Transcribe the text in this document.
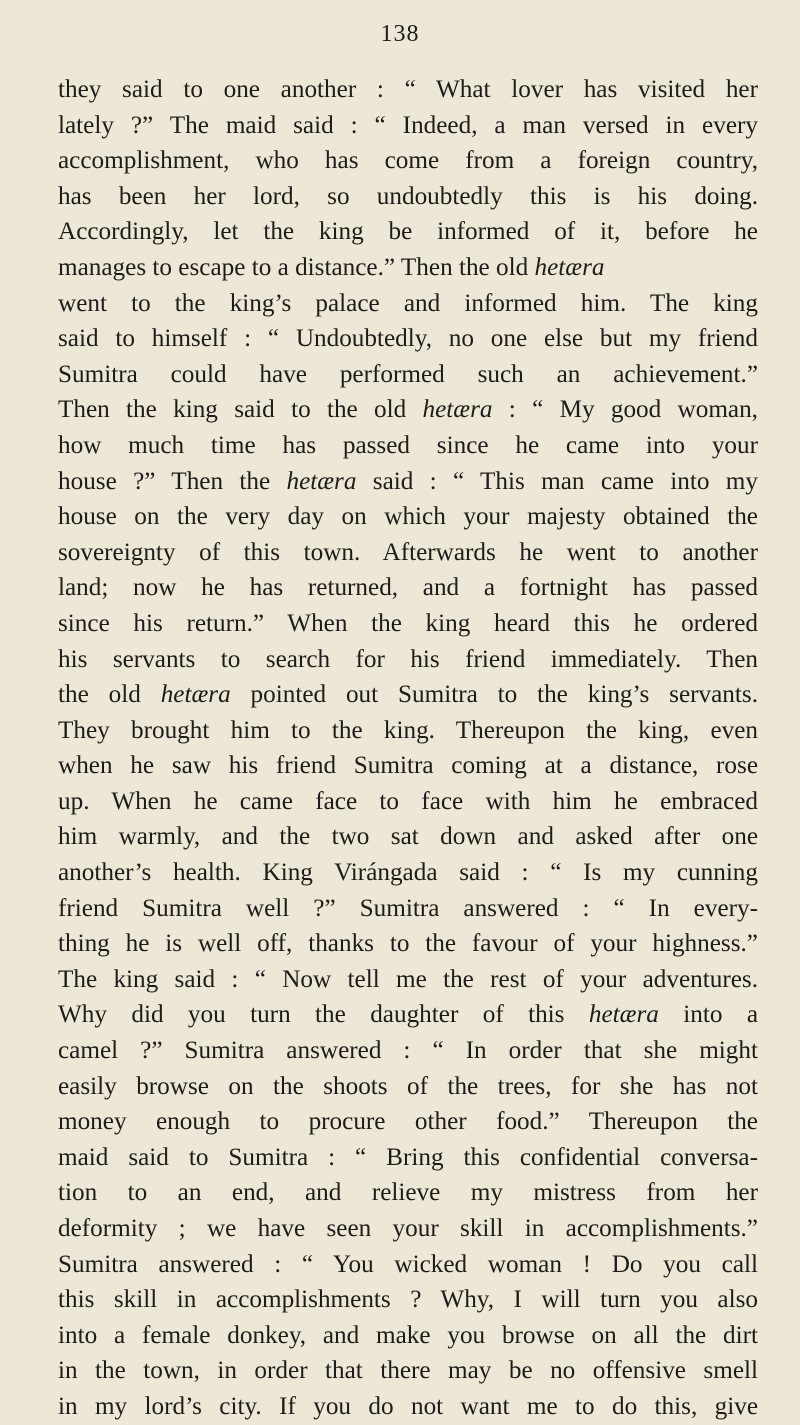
138
they said to one another : “ What lover has visited her
lately ?” The maid said : “ Indeed, a man versed in every
accomplishment, who has come from a foreign country,
has been her lord, so undoubtedly this is his doing.
Accordingly, let the king be informed of it, before he
manages to escape to a distance.” Then the old hetæra
went to the king’s palace and informed him. The king
said to himself : “ Undoubtedly, no one else but my friend
Sumitra could have performed such an achievement.”
Then the king said to the old hetæra : “ My good woman,
how much time has passed since he came into your
house ?” Then the hetæra said : “ This man came into my
house on the very day on which your majesty obtained the
sovereignty of this town. Afterwards he went to another
land; now he has returned, and a fortnight has passed
since his return.” When the king heard this he ordered
his servants to search for his friend immediately. Then
the old hetæra pointed out Sumitra to the king’s servants.
They brought him to the king. Thereupon the king, even
when he saw his friend Sumitra coming at a distance, rose
up. When he came face to face with him he embraced
him warmly, and the two sat down and asked after one
another’s health. King Virángada said : “ Is my cunning
friend Sumitra well ?” Sumitra answered : “ In every-
thing he is well off, thanks to the favour of your highness.”
The king said : “ Now tell me the rest of your adventures.
Why did you turn the daughter of this hetæra into a
camel ?” Sumitra answered : “ In order that she might
easily browse on the shoots of the trees, for she has not
money enough to procure other food.” Thereupon the
maid said to Sumitra : “ Bring this confidential conversa-
tion to an end, and relieve my mistress from her
deformity ; we have seen your skill in accomplishments.”
Sumitra answered : “ You wicked woman ! Do you call
this skill in accomplishments ? Why, I will turn you also
into a female donkey, and make you browse on all the dirt
in the town, in order that there may be no offensive smell
in my lord’s city. If you do not want me to do this, give
